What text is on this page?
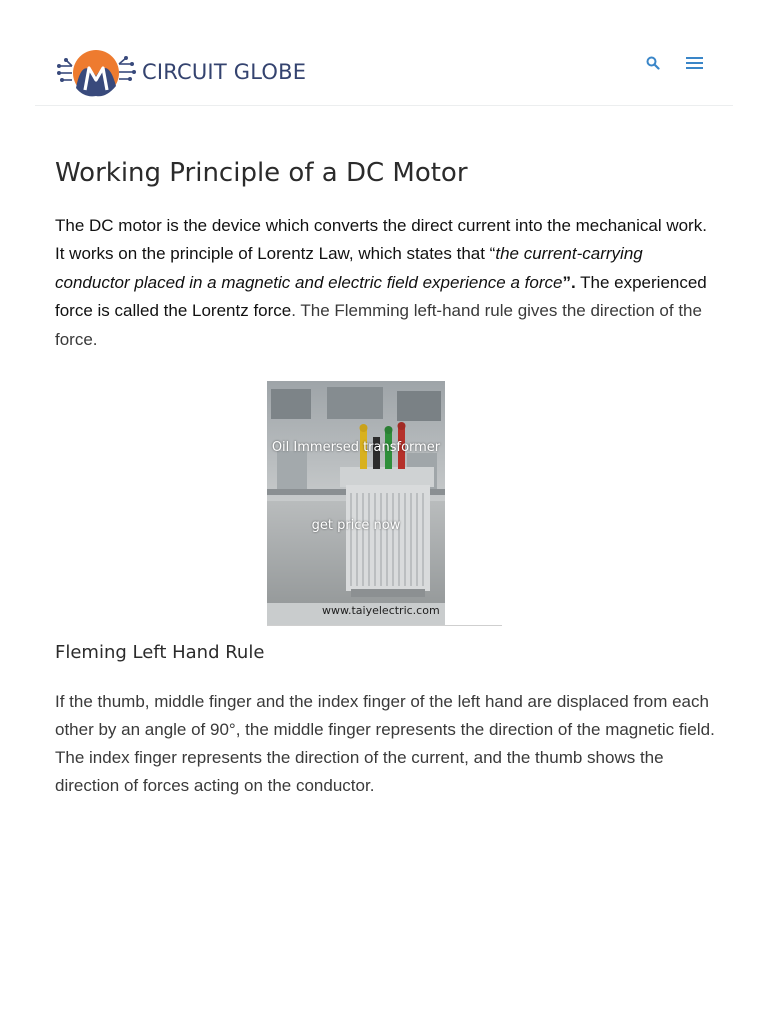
CIRCUIT GLOBE
Working Principle of a DC Motor

The DC motor is the device which converts the direct current into the mechanical work. It works on the principle of Lorentz Law, which states that “the current-carrying conductor placed in a magnetic and electric field experience a force”. The experienced force is called the Lorentz force. The Flemming left-hand rule gives the direction of the force.

Oil Immersed transformer
get price now
www.taiyelectric.com
Fleming Left Hand Rule

If the thumb, middle finger and the index finger of the left hand are displaced from each other by an angle of 90°, the middle finger represents the direction of the magnetic field. The index finger represents the direction of the current, and the thumb shows the direction of forces acting on the conductor.
